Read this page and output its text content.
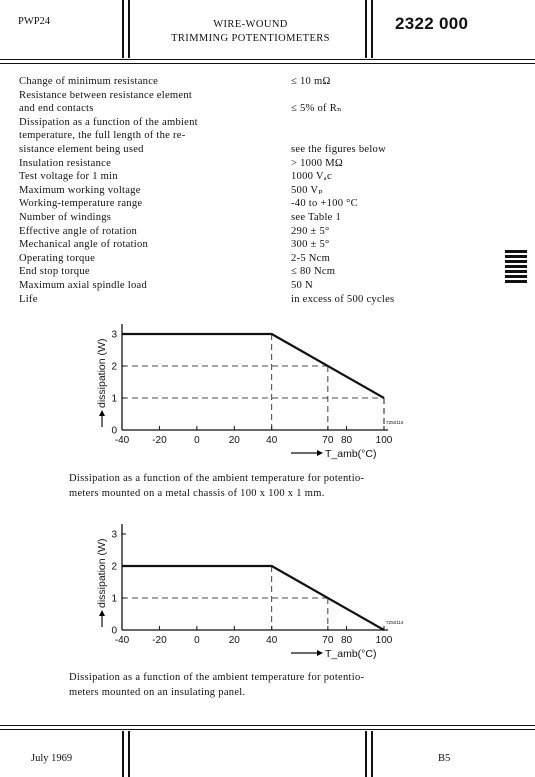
PWP24	WIRE-WOUND
TRIMMING POTENTIOMETERS
2322 000
Change of minimum resistance	≤ 10 mΩ
Resistance between resistance element
and end contacts	≤ 5% of Rₙ
Dissipation as a function of the ambient
temperature, the full length of the re-
sistance element being used	see the figures below
Insulation resistance	> 1000 MΩ
Test voltage for 1 min	1000 Vₐc
Maximum working voltage	500 Vₚ
Working-temperature range	-40 to +100 °C
Number of windings	see Table 1
Effective angle of rotation	290 ± 5°
Mechanical angle of rotation	300 ± 5°
Operating torque	2-5 Ncm
End stop torque	≤ 80 Ncm
Maximum axial spindle load	50 N
Life	in excess of 500 cycles
0
1
2
3
-40 -20	0	20	40	70 80 100
dissipation (W)
T_amb(°C)
7Z50115
Dissipation as a function of the ambient temperature for potentio-
meters mounted on a metal chassis of 100 x 100 x 1 mm.
0
1
2
3
-40 -20	0	20	40	70 80 100
dissipation (W)
T_amb(°C)
7Z50114
Dissipation as a function of the ambient temperature for potentio-
meters mounted on an insulating panel.
July 1969	B5
